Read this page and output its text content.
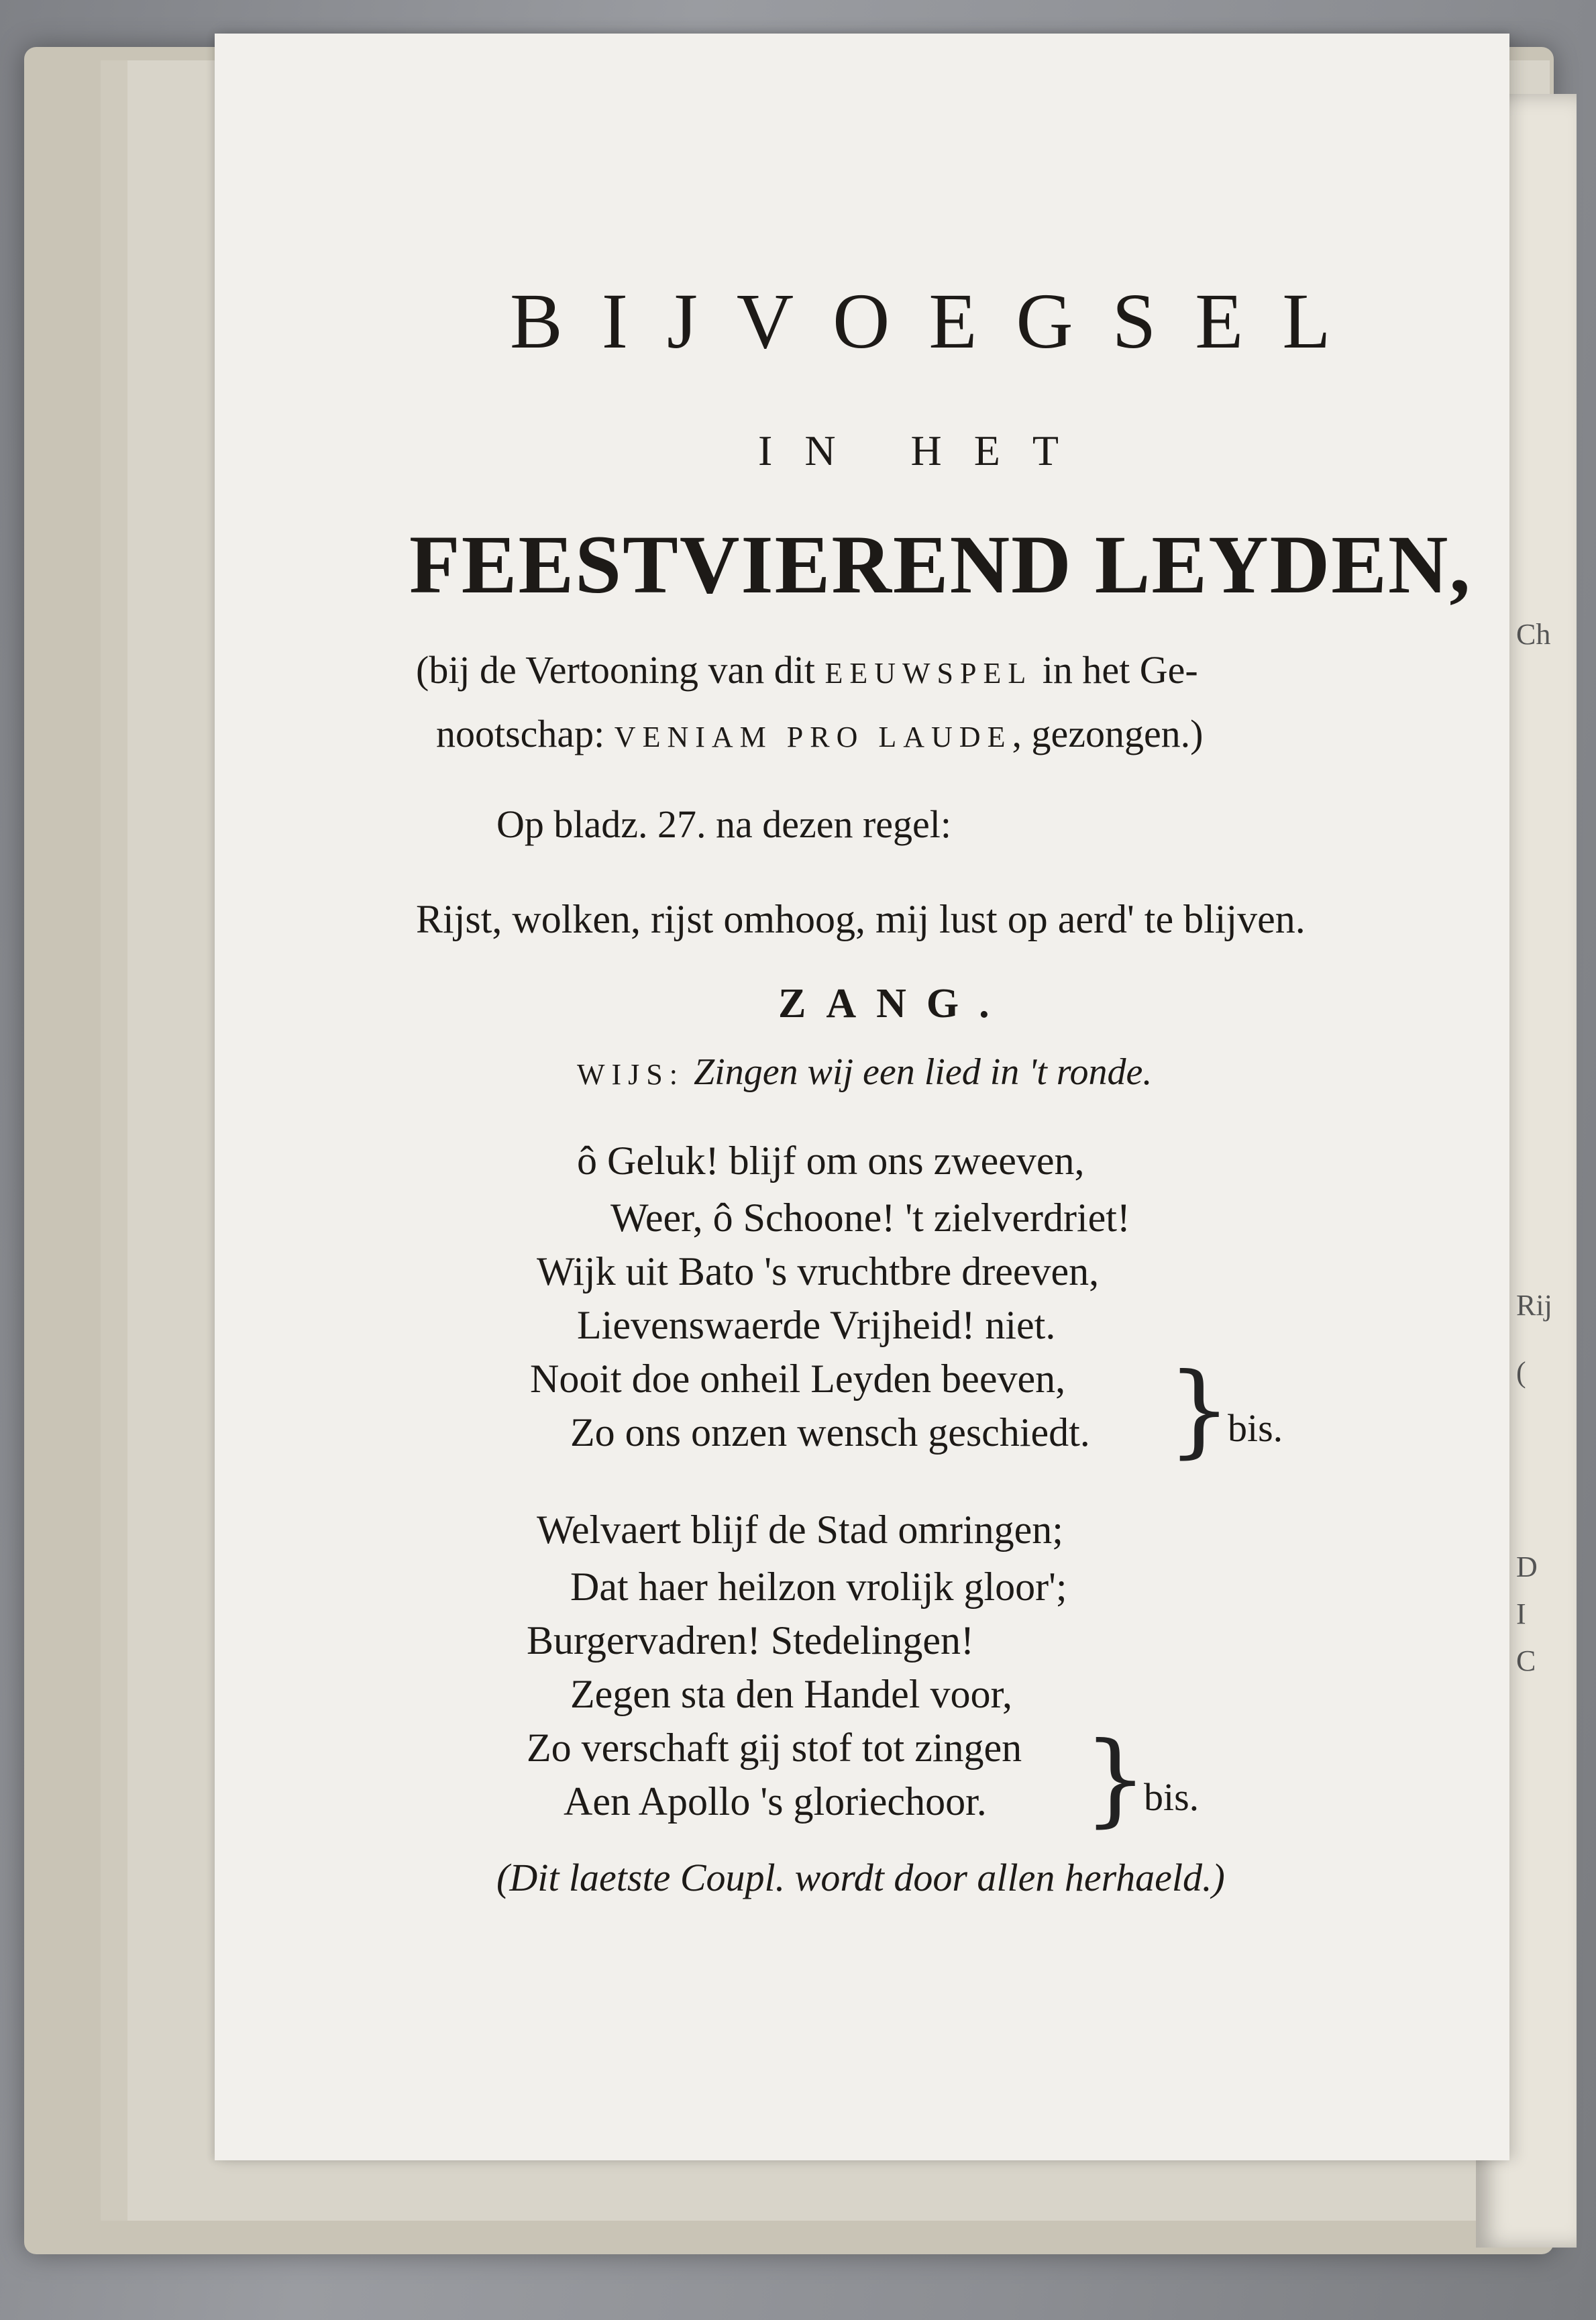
Ch
Rij
(
D
I
C
BIJVOEGSEL
IN HET
FEESTVIEREND LEYDEN,
(bij de Vertooning van dit EEUWSPEL in het Ge-
nootschap: VENIAM PRO LAUDE, gezongen.)
Op bladz. 27. na dezen regel:
Rijst, wolken, rijst omhoog, mij lust op aerd' te blijven.
ZANG.
WIJS: Zingen wij een lied in 't ronde.
ô Geluk! blijf om ons zweeven,
Weer, ô Schoone! 't zielverdriet!
Wijk uit Bato 's vruchtbre dreeven,
Lievenswaerde Vrijheid! niet.
Nooit doe onheil Leyden beeven,
Zo ons onzen wensch geschiedt. }
bis.
Welvaert blijf de Stad omringen;
Dat haer heilzon vrolijk gloor';
Burgervadren! Stedelingen!
Zegen sta den Handel voor,
Zo verschaft gij stof tot zingen
Aen Apollo 's gloriechoor. }
bis.
(Dit laetste Coupl. wordt door allen herhaeld.)
